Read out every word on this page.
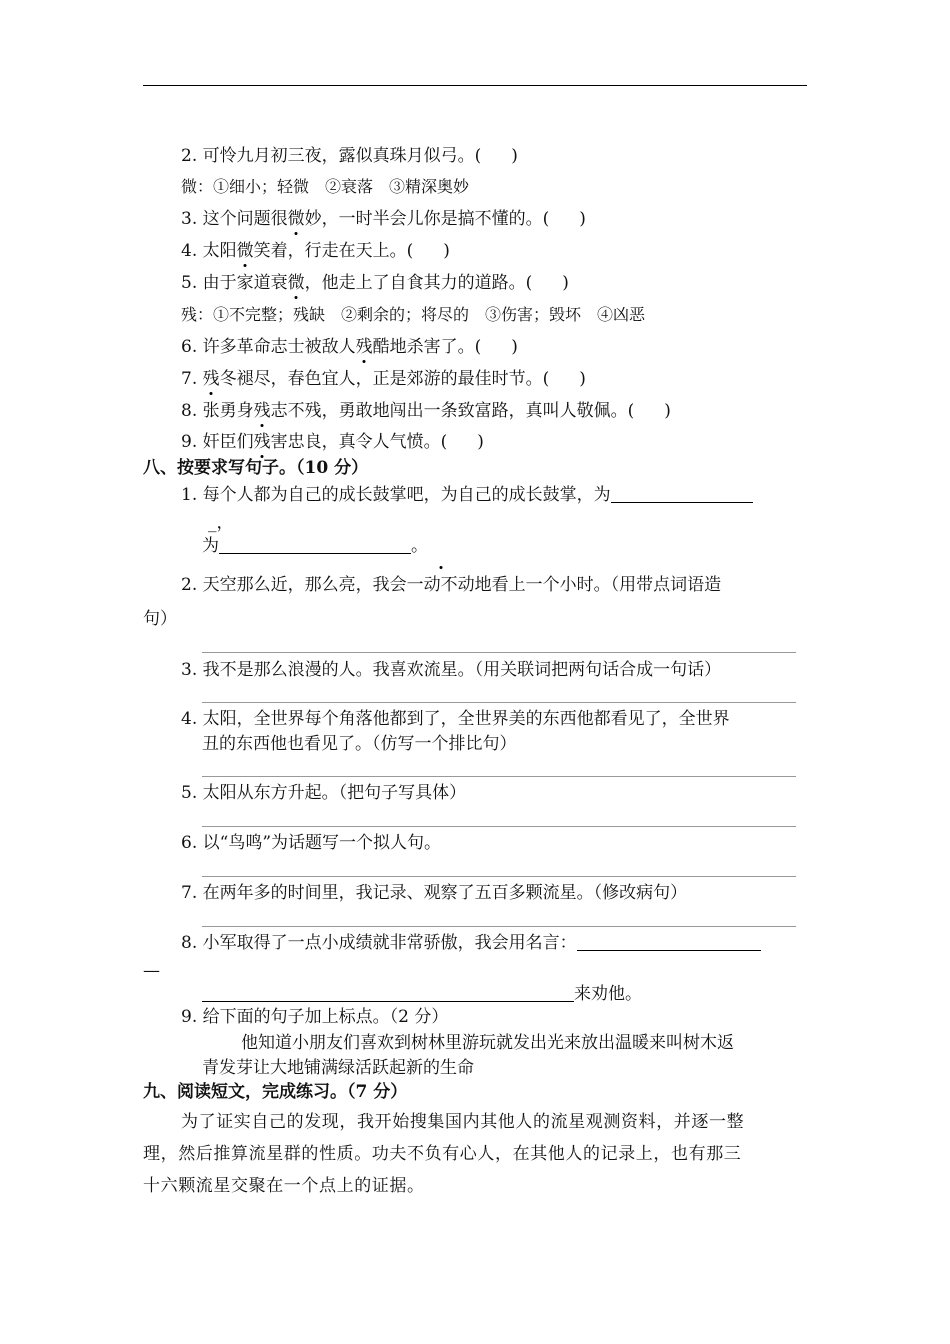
2. 可怜九月初三夜，露似真珠月似弓。( )
微：①细小；轻微　②衰落　③精深奥妙
3. 这个问题很微妙，一时半会儿你是搞不懂的。( )
4. 太阳微笑着，行走在天上。( )
5. 由于家道衰微，他走上了自食其力的道路。( )
残：①不完整；残缺　②剩余的；将尽的　③伤害；毁坏　④凶恶
6. 许多革命志士被敌人残酷地杀害了。( )
7. 残冬褪尽，春色宜人，正是郊游的最佳时节。( )
8. 张勇身残志不残，勇敢地闯出一条致富路，真叫人敬佩。( )
9. 奸臣们残害忠良，真令人气愤。( )
八、按要求写句子。（10 分）
1. 每个人都为自己的成长鼓掌吧，为自己的成长鼓掌，为
_，
为	。
2. 天空那么近，那么亮，我会一动不动地看上一个小时。（用带点词语造
句）
3. 我不是那么浪漫的人。我喜欢流星。（用关联词把两句话合成一句话）
4. 太阳，全世界每个角落他都到了，全世界美的东西他都看见了，全世界
丑的东西他也看见了。（仿写一个排比句）
5. 太阳从东方升起。（把句子写具体）
6. 以“鸟鸣”为话题写一个拟人句。
7. 在两年多的时间里，我记录、观察了五百多颗流星。（修改病句）
8. 小军取得了一点小成绩就非常骄傲，我会用名言：
—
来劝他。
9. 给下面的句子加上标点。（2 分）
他知道小朋友们喜欢到树林里游玩就发出光来放出温暖来叫树木返
青发芽让大地铺满绿活跃起新的生命
九、阅读短文，完成练习。（7 分）
为了证实自己的发现，我开始搜集国内其他人的流星观测资料，并逐一整
理，然后推算流星群的性质。功夫不负有心人，在其他人的记录上，也有那三
十六颗流星交聚在一个点上的证据。
